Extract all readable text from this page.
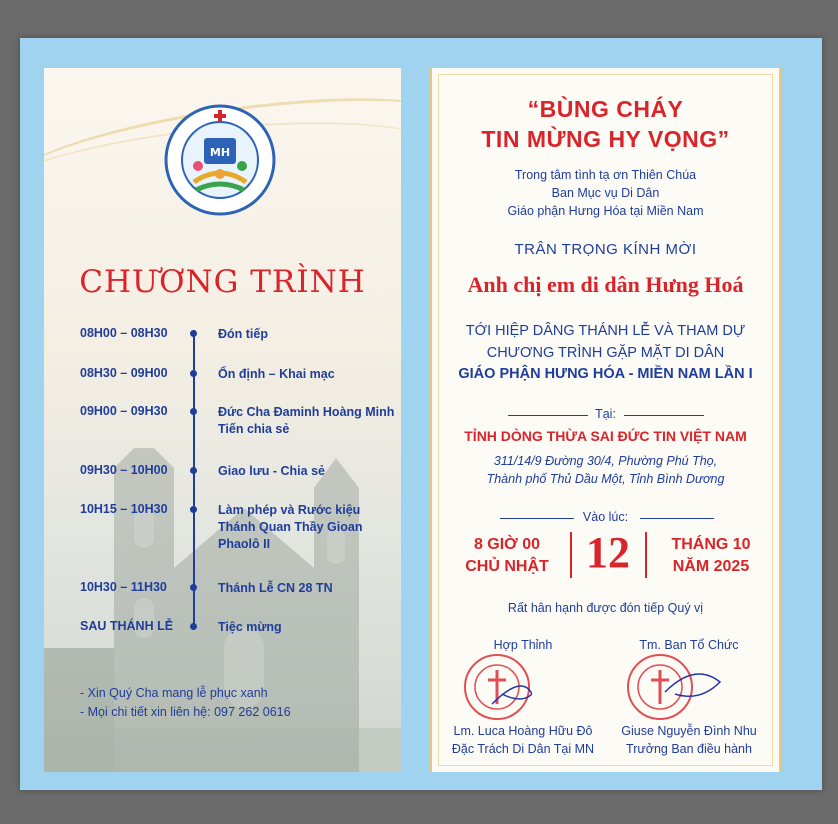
MH
CHƯƠNG TRÌNH
08H00 – 08H30	Đón tiếp
08H30 – 09H00	Ổn định – Khai mạc
09H00 – 09H30	Đức Cha Đaminh Hoàng Minh Tiến chia sẻ
09H30 – 10H00	Giao lưu - Chia sẻ
10H15 – 10H30	Làm phép và Rước kiệu Thánh Quan Thầy Gioan Phaolô II
10H30 – 11H30	Thánh Lễ CN 28 TN
SAU THÁNH LỄ	Tiệc mừng
- Xin Quý Cha mang lễ phục xanh
- Mọi chi tiết xin liên hệ: 097 262 0616
“BÙNG CHÁY
TIN MỪNG HY VỌNG”
Trong tâm tình tạ ơn Thiên Chúa
Ban Mục vụ Di Dân
Giáo phận Hưng Hóa tại Miền Nam
TRÂN TRỌNG KÍNH MỜI
Anh chị em di dân Hưng Hoá
TỚI HIỆP DÂNG THÁNH LỄ VÀ THAM DỰ
CHƯƠNG TRÌNH GẶP MẶT DI DÂN
GIÁO PHẬN HƯNG HÓA - MIỀN NAM LẦN I
Tại:
TỈNH DÒNG THỪA SAI ĐỨC TIN VIỆT NAM
311/14/9 Đường 30/4, Phường Phú Thọ,
Thành phố Thủ Dầu Một, Tỉnh Bình Dương
Vào lúc:
8 GIỜ 00
CHỦ NHẬT 12	THÁNG 10
NĂM 2025
Rất hân hạnh được đón tiếp Quý vị
Hợp Thỉnh
Lm. Luca Hoàng Hữu Đô
Đặc Trách Di Dân Tại MN
Tm. Ban Tổ Chức
Giuse Nguyễn Đình Nhu
Trưởng Ban điều hành
